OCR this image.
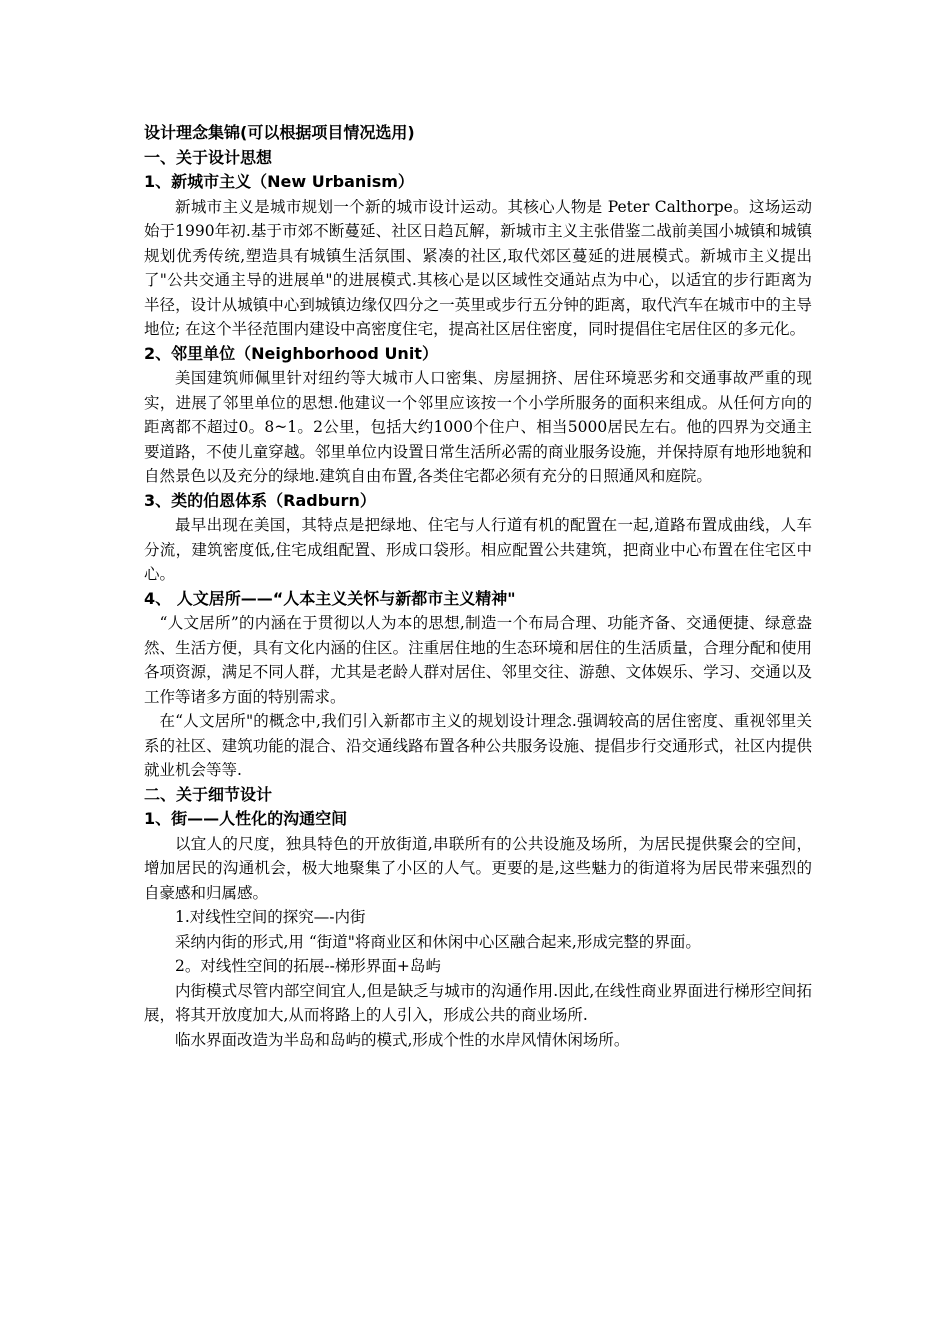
设计理念集锦(可以根据项目情况选用)
一、关于设计思想
1、新城市主义（New Urbanism）
新城市主义是城市规划一个新的城市设计运动。其核心人物是 Peter Calthorpe。这场运动始于1990年初.基于市郊不断蔓延、社区日趋瓦解，新城市主义主张借鉴二战前美国小城镇和城镇规划优秀传统,塑造具有城镇生活氛围、紧凑的社区,取代郊区蔓延的进展模式。新城市主义提出了"公共交通主导的进展单"的进展模式.其核心是以区域性交通站点为中心，以适宜的步行距离为半径，设计从城镇中心到城镇边缘仅四分之一英里或步行五分钟的距离，取代汽车在城市中的主导地位; 在这个半径范围内建设中高密度住宅，提高社区居住密度，同时提倡住宅居住区的多元化。
2、邻里单位（Neighborhood Unit）
美国建筑师佩里针对纽约等大城市人口密集、房屋拥挤、居住环境恶劣和交通事故严重的现实，进展了邻里单位的思想.他建议一个邻里应该按一个小学所服务的面积来组成。从任何方向的距离都不超过0。8~1。2公里，包括大约1000个住户、相当5000居民左右。他的四界为交通主要道路，不使儿童穿越。邻里单位内设置日常生活所必需的商业服务设施，并保持原有地形地貌和自然景色以及充分的绿地.建筑自由布置,各类住宅都必须有充分的日照通风和庭院。
3、类的伯恩体系（Radburn）
最早出现在美国，其特点是把绿地、住宅与人行道有机的配置在一起,道路布置成曲线，人车分流，建筑密度低,住宅成组配置、形成口袋形。相应配置公共建筑，把商业中心布置在住宅区中心。
4、 人文居所——“人本主义关怀与新都市主义精神"
“人文居所”的内涵在于贯彻以人为本的思想,制造一个布局合理、功能齐备、交通便捷、绿意盎然、生活方便，具有文化内涵的住区。注重居住地的生态环境和居住的生活质量，合理分配和使用各项资源，满足不同人群，尤其是老龄人群对居住、邻里交往、游憩、文体娱乐、学习、交通以及工作等诸多方面的特别需求。
在“人文居所"的概念中,我们引入新都市主义的规划设计理念.强调较高的居住密度、重视邻里关系的社区、建筑功能的混合、沿交通线路布置各种公共服务设施、提倡步行交通形式，社区内提供就业机会等等.
二、关于细节设计
1、街——人性化的沟通空间
以宜人的尺度，独具特色的开放街道,串联所有的公共设施及场所，为居民提供聚会的空间，增加居民的沟通机会，极大地聚集了小区的人气。更要的是,这些魅力的街道将为居民带来强烈的自豪感和归属感。
1.对线性空间的探究—-内街
采纳内街的形式,用 “街道"将商业区和休闲中心区融合起来,形成完整的界面。
2。对线性空间的拓展--梯形界面+岛屿
内街模式尽管内部空间宜人,但是缺乏与城市的沟通作用.因此,在线性商业界面进行梯形空间拓展，将其开放度加大,从而将路上的人引入，形成公共的商业场所.
临水界面改造为半岛和岛屿的模式,形成个性的水岸风情休闲场所。
